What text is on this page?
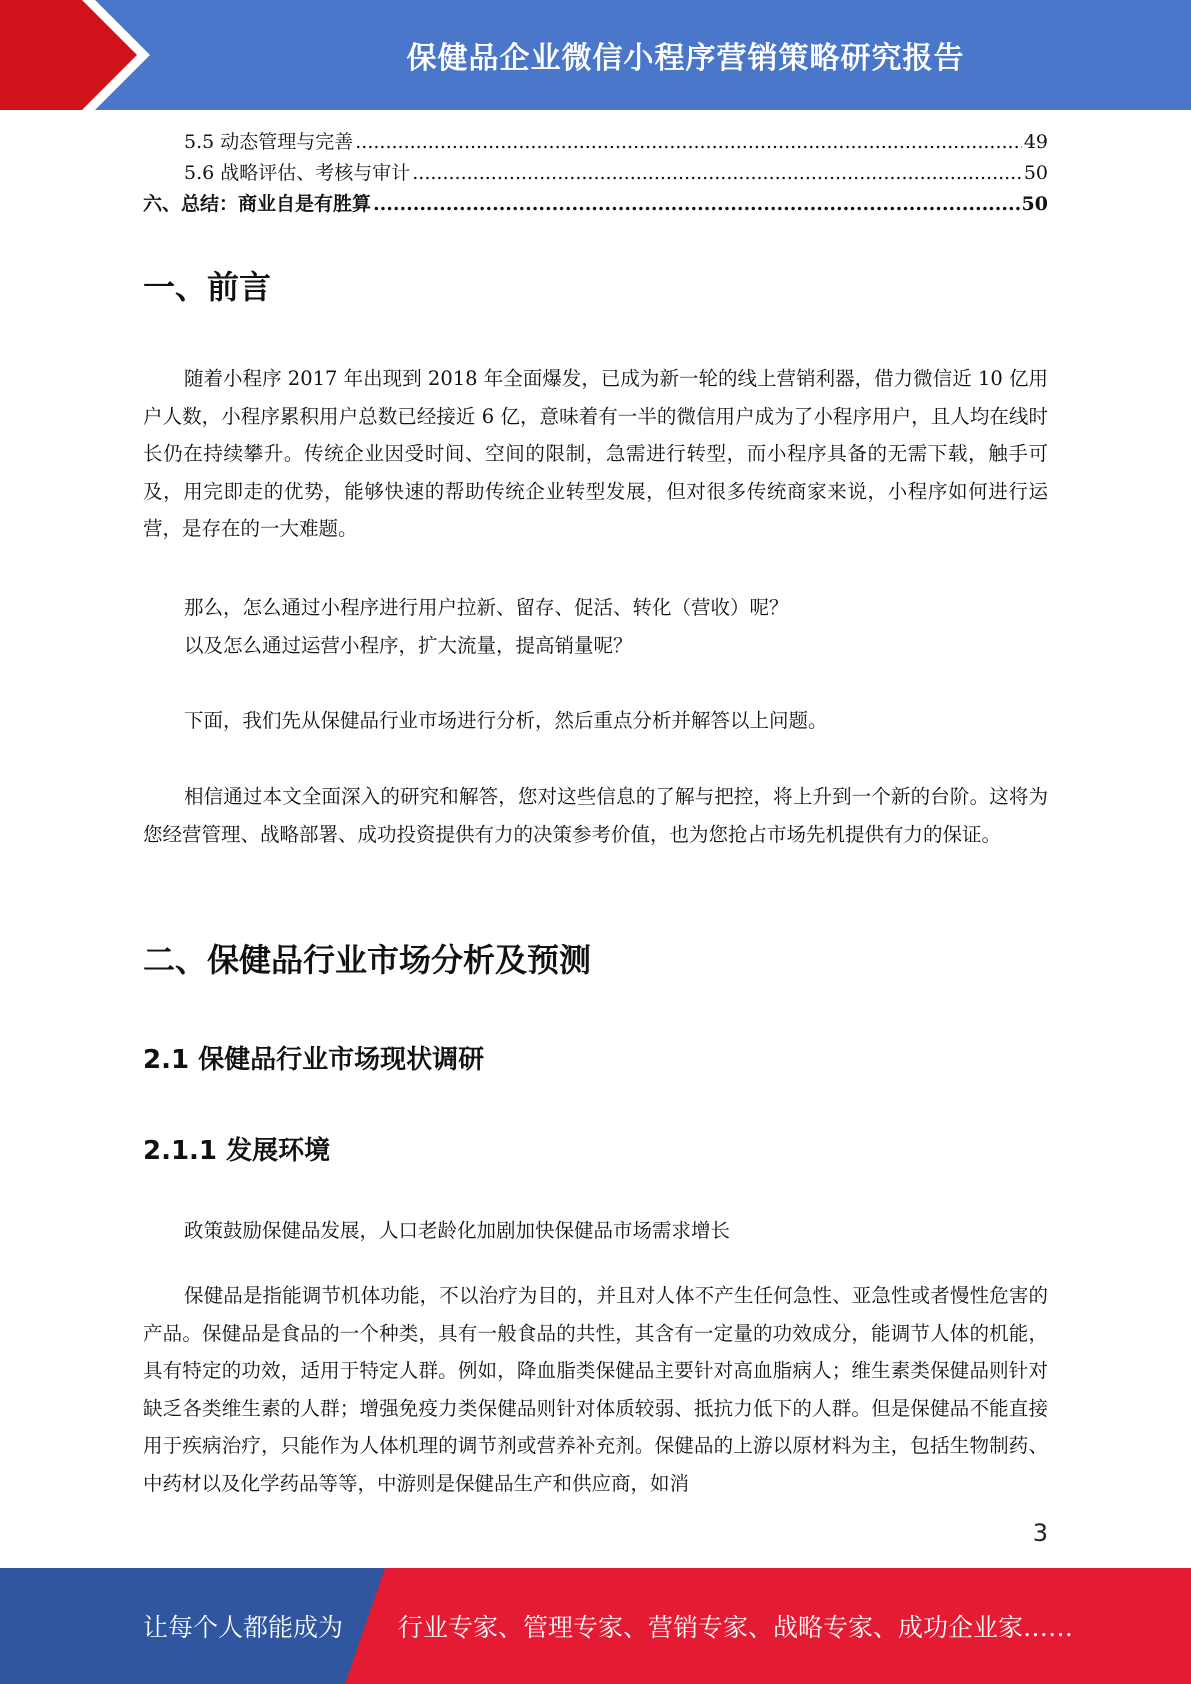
保健品企业微信小程序营销策略研究报告
5.5 动态管理与完善 .....	49
5.6 战略评估、考核与审计 .....	50
六、总结：商业自是有胜算 .....	50
一、前言
随着小程序 2017 年出现到 2018 年全面爆发，已成为新一轮的线上营销利器，借力微信近 10 亿用户人数，小程序累积用户总数已经接近 6 亿，意味着有一半的微信用户成为了小程序用户，且人均在线时长仍在持续攀升。传统企业因受时间、空间的限制，急需进行转型，而小程序具备的无需下载，触手可及，用完即走的优势，能够快速的帮助传统企业转型发展，但对很多传统商家来说，小程序如何进行运营，是存在的一大难题。
那么，怎么通过小程序进行用户拉新、留存、促活、转化（营收）呢？
以及怎么通过运营小程序，扩大流量，提高销量呢？
下面，我们先从保健品行业市场进行分析，然后重点分析并解答以上问题。
相信通过本文全面深入的研究和解答，您对这些信息的了解与把控，将上升到一个新的台阶。这将为您经营管理、战略部署、成功投资提供有力的决策参考价值，也为您抢占市场先机提供有力的保证。
二、保健品行业市场分析及预测
2.1 保健品行业市场现状调研
2.1.1 发展环境
政策鼓励保健品发展，人口老龄化加剧加快保健品市场需求增长
保健品是指能调节机体功能，不以治疗为目的，并且对人体不产生任何急性、亚急性或者慢性危害的产品。保健品是食品的一个种类，具有一般食品的共性，其含有一定量的功效成分，能调节人体的机能，具有特定的功效，适用于特定人群。例如，降血脂类保健品主要针对高血脂病人；维生素类保健品则针对缺乏各类维生素的人群；增强免疫力类保健品则针对体质较弱、抵抗力低下的人群。但是保健品不能直接用于疾病治疗，只能作为人体机理的调节剂或营养补充剂。保健品的上游以原材料为主，包括生物制药、中药材以及化学药品等等，中游则是保健品生产和供应商，如消
3
让每个人都能成为 行业专家、管理专家、营销专家、战略专家、成功企业家……
